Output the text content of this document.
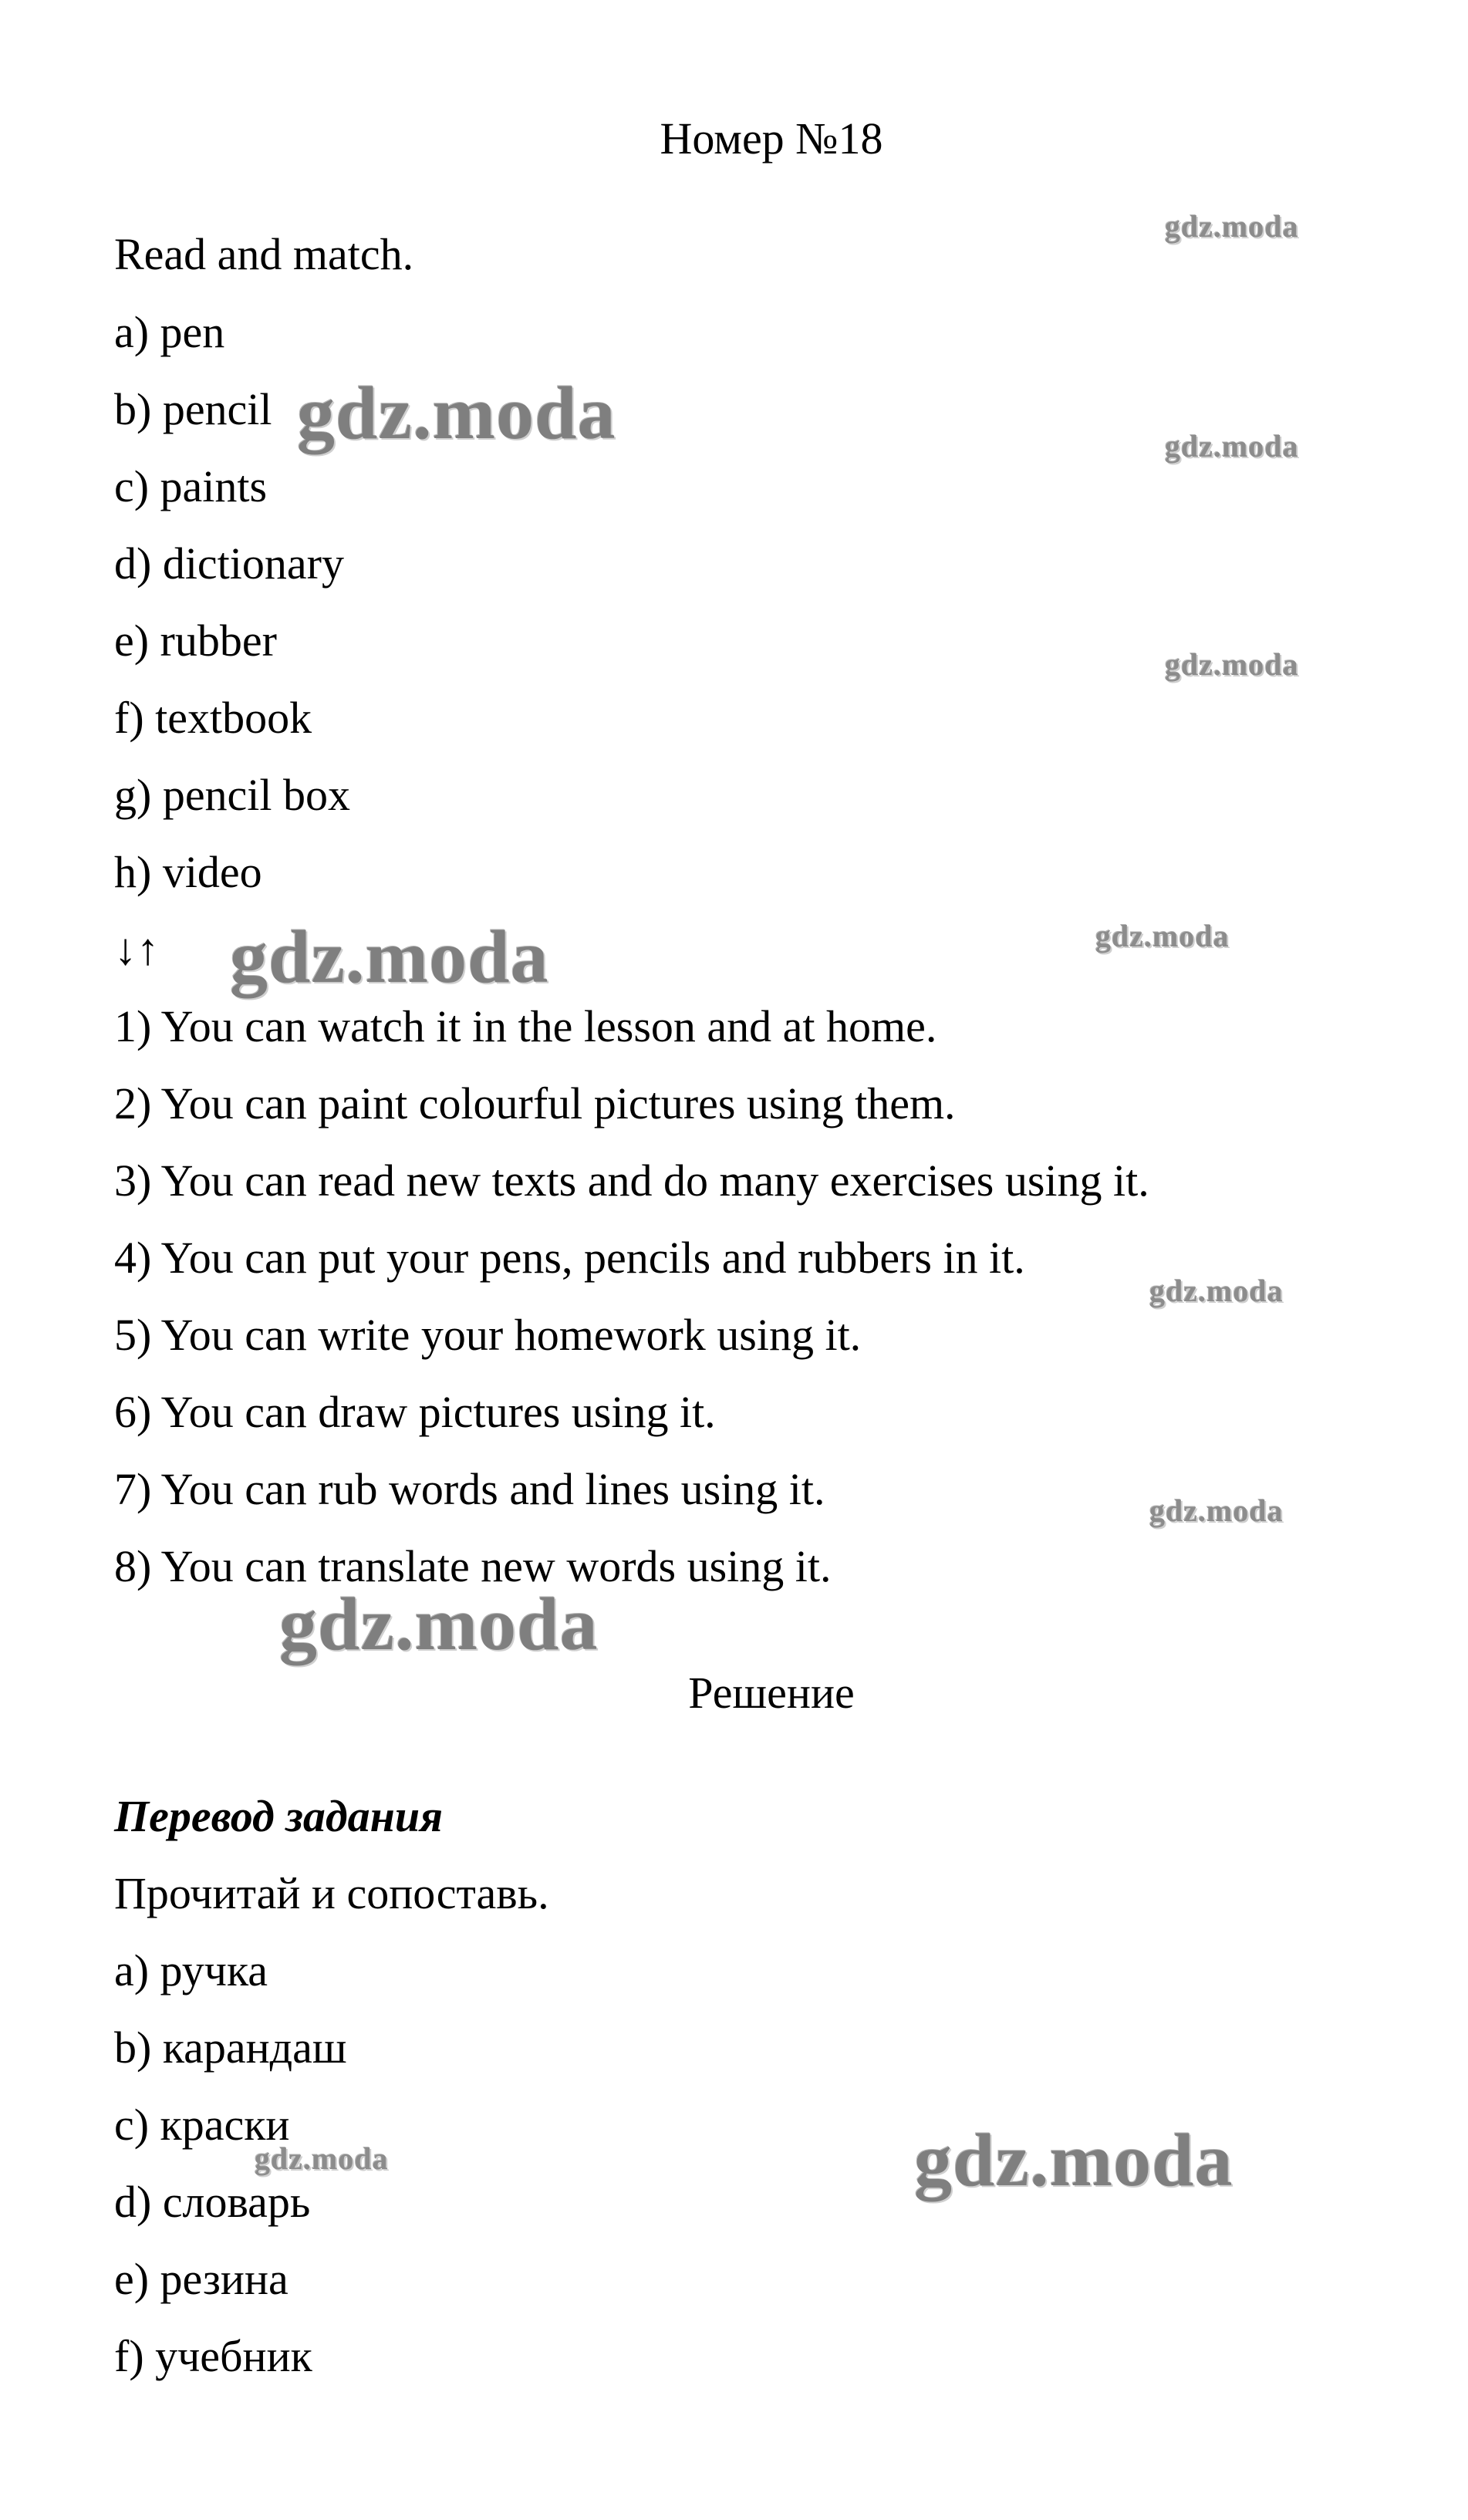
Номер №18
Read and match.
a) pen
b) pencil
c) paints
d) dictionary
e) rubber
f) textbook
g) pencil box
h) video
↓↑
1) You can watch it in the lesson and at home.
2) You can paint colourful pictures using them.
3) You can read new texts and do many exercises using it.
4) You can put your pens, pencils and rubbers in it.
5) You can write your homework using it.
6) You can draw pictures using it.
7) You can rub words and lines using it.
8) You can translate new words using it.
Решение
Перевод задания
Прочитай и сопоставь.
a) ручка
b) карандаш
c) краски
d) словарь
e) резина
f) учебник
gdz.moda
gdz.moda	gdz.moda
gdz.moda
gdz.moda
gdz.moda
gdz.moda
gdz.moda
gdz.moda
gdz.moda	gdz.moda
